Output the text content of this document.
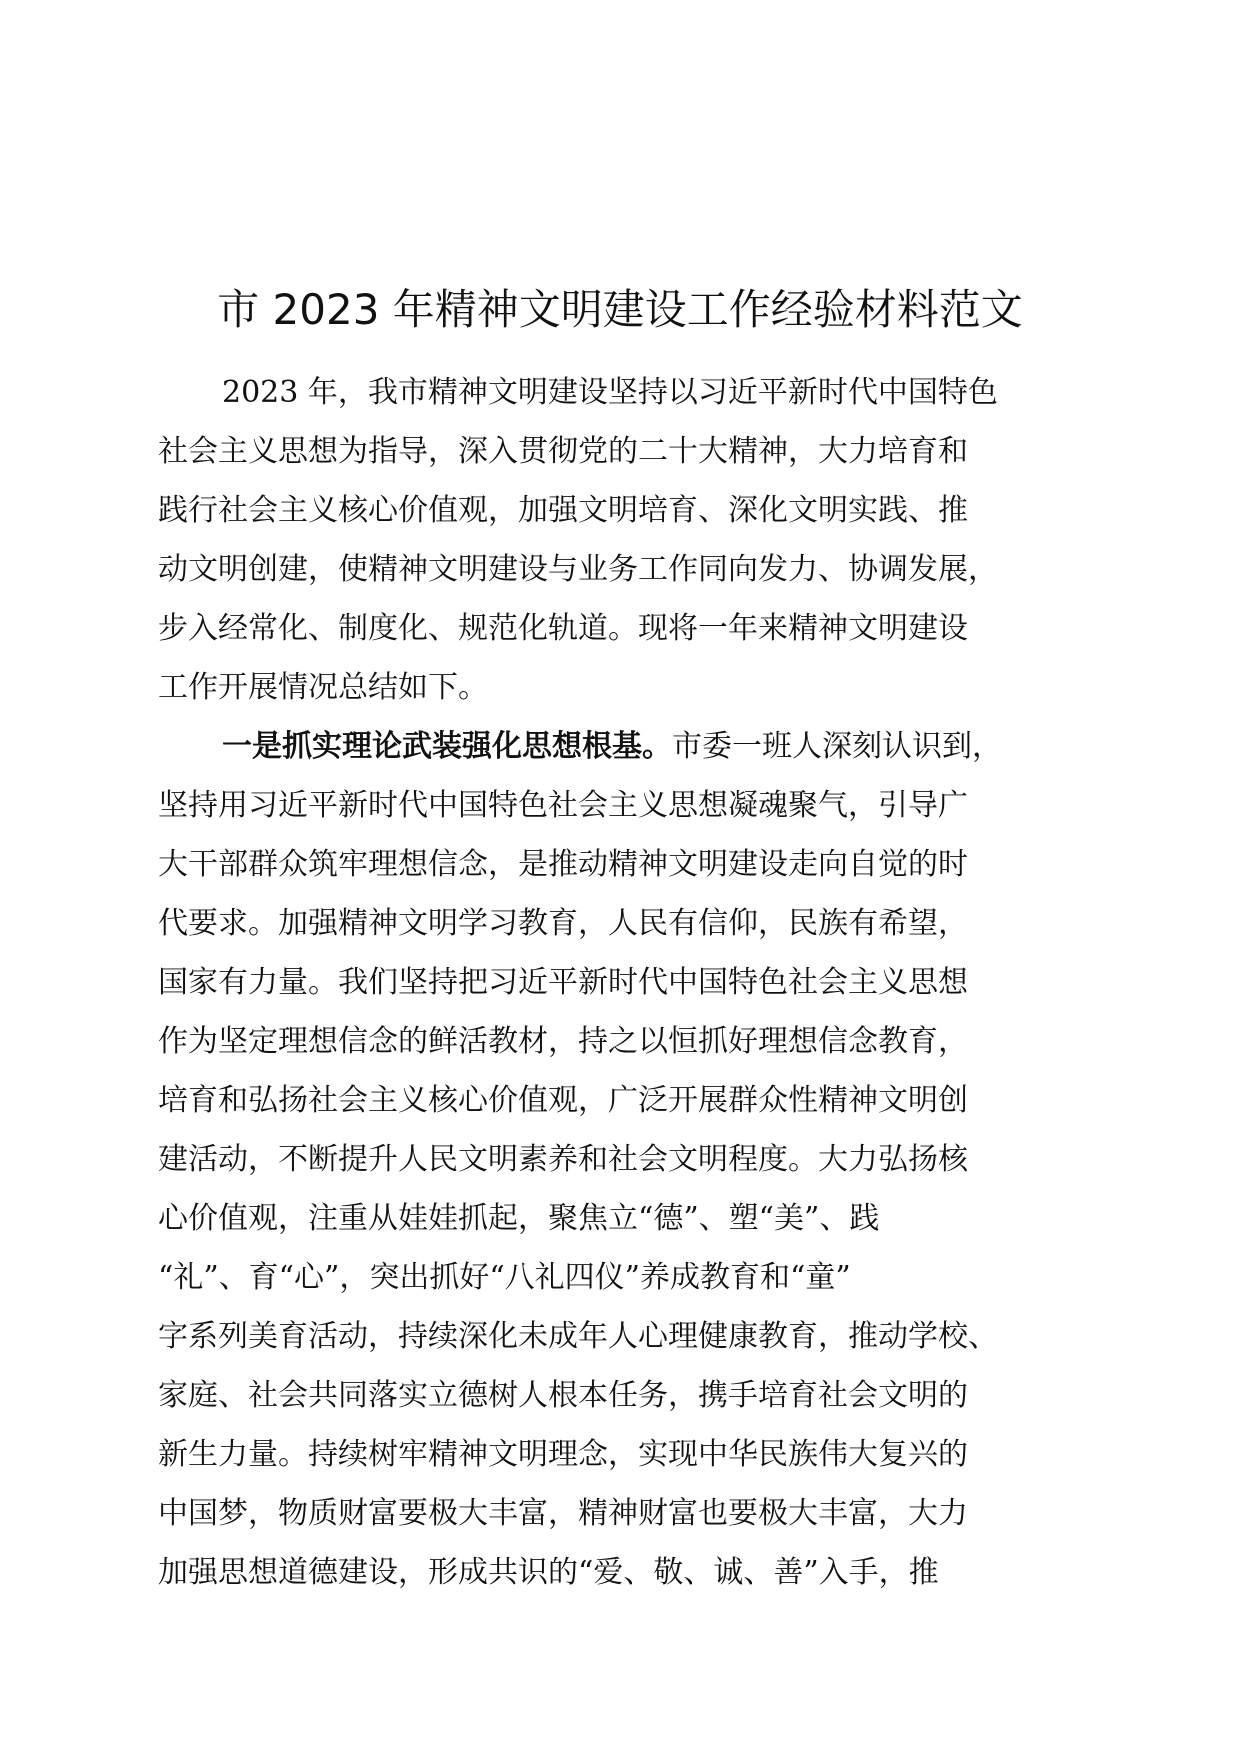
市 2023 年精神文明建设工作经验材料范文
2023 年，我市精神文明建设坚持以习近平新时代中国特色
社会主义思想为指导，深入贯彻党的二十大精神，大力培育和
践行社会主义核心价值观，加强文明培育、深化文明实践、推
动文明创建，使精神文明建设与业务工作同向发力、协调发展，
步入经常化、制度化、规范化轨道。现将一年来精神文明建设
工作开展情况总结如下。
一是抓实理论武装强化思想根基。市委一班人深刻认识到，
坚持用习近平新时代中国特色社会主义思想凝魂聚气，引导广
大干部群众筑牢理想信念，是推动精神文明建设走向自觉的时
代要求。加强精神文明学习教育，人民有信仰，民族有希望，
国家有力量。我们坚持把习近平新时代中国特色社会主义思想
作为坚定理想信念的鲜活教材，持之以恒抓好理想信念教育，
培育和弘扬社会主义核心价值观，广泛开展群众性精神文明创
建活动，不断提升人民文明素养和社会文明程度。大力弘扬核
心价值观，注重从娃娃抓起，聚焦立“德”、塑“美”、践
“礼”、育“心”，突出抓好“八礼四仪”养成教育和“童”
字系列美育活动，持续深化未成年人心理健康教育，推动学校、
家庭、社会共同落实立德树人根本任务，携手培育社会文明的
新生力量。持续树牢精神文明理念，实现中华民族伟大复兴的
中国梦，物质财富要极大丰富，精神财富也要极大丰富，大力
加强思想道德建设，形成共识的“爱、敬、诚、善”入手，推
